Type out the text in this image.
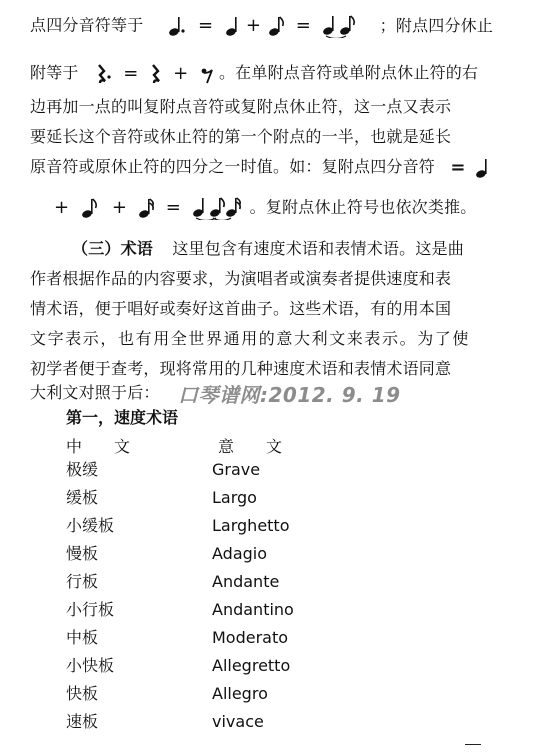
点四分音符等于	= + =	；附点四分休止
附等于 = + 。在单附点音符或单附点休止符的右
边再加一点的叫复附点音符或复附点休止符，这一点又表示
要延长这个音符或休止符的第一个附点的一半，也就是延长
原音符或原休止符的四分之一时值。如：复附点四分音符 =
+ + =	。复附点休止符号也依次类推。
（三）术语 这里包含有速度术语和表情术语。这是曲
作者根据作品的内容要求，为演唱者或演奏者提供速度和表
情术语，便于唱好或奏好这首曲子。这些术语，有的用本国
文字表示，也有用全世界通用的意大利文来表示。为了使
初学者便于查考，现将常用的几种速度术语和表情术语同意
大利文对照于后： 口琴谱网:2012. 9. 19
第一，速度术语
中　　文	意　　文
极缓	Grave
缓板	Largo
小缓板	Larghetto
慢板	Adagio
行板	Andante
小行板	Andantino
中板	Moderato
小快板	Allegretto
快板	Allegro
速板	vivace
